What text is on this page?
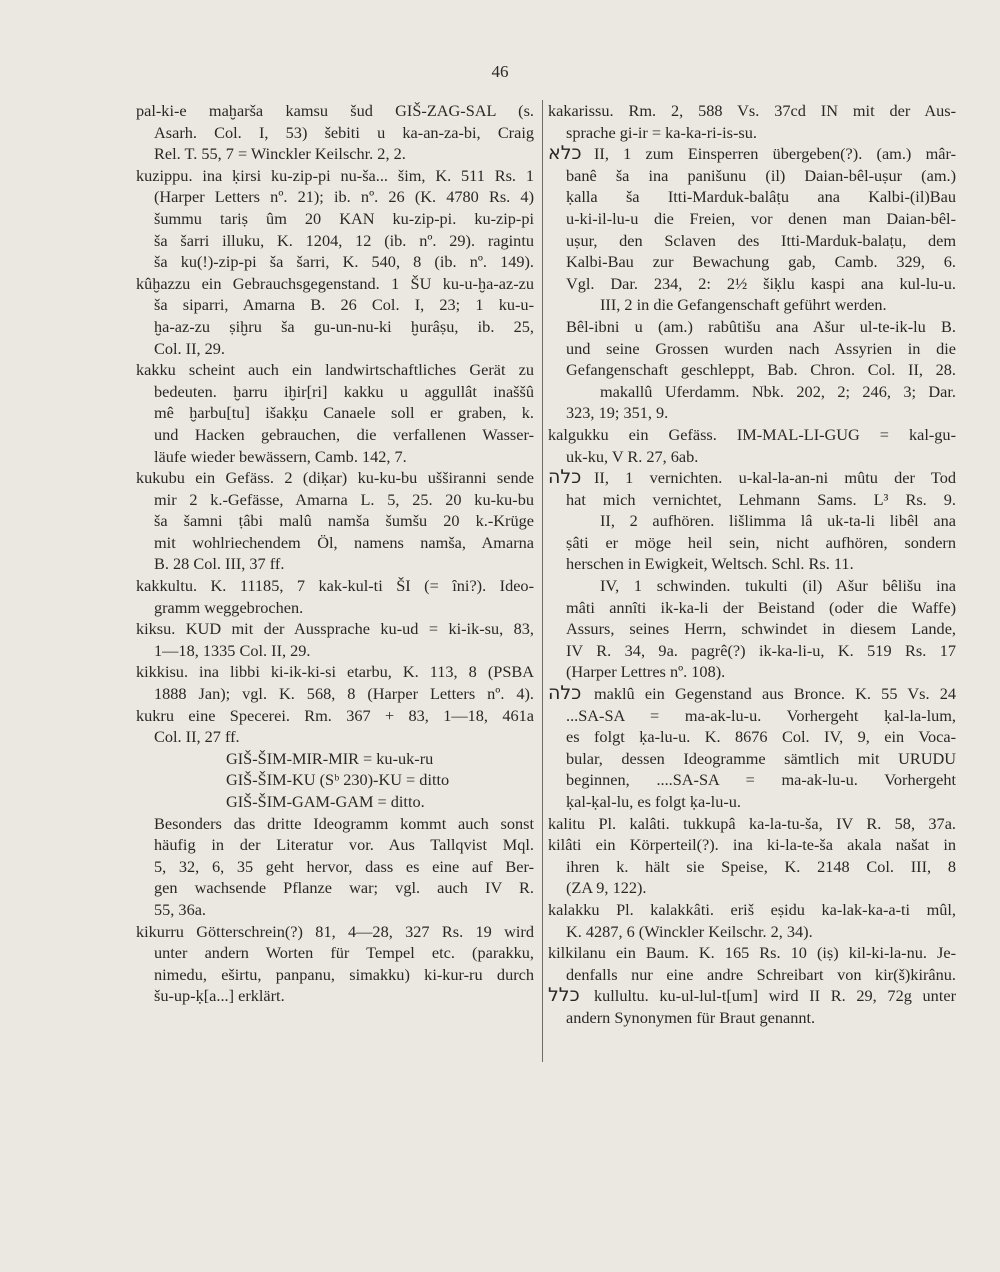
46
pal-ki-e maḫarša kamsu šud GIŠ-ZAG-SAL (s.
Asarh. Col. I, 53) šebiti u ka-an-za-bi, Craig
Rel. T. 55, 7 = Winckler Keilschr. 2, 2.
kuzippu. ina ḳirsi ku-zip-pi nu-ša... šim, K. 511 Rs. 1
(Harper Letters nº. 21); ib. nº. 26 (K. 4780 Rs. 4)
šummu tariṣ ûm 20 KAN ku-zip-pi. ku-zip-pi
ša šarri illuku, K. 1204, 12 (ib. nº. 29). ragintu
ša ku(!)-zip-pi ša šarri, K. 540, 8 (ib. nº. 149).
kûḫazzu ein Gebrauchsgegenstand. 1 ŠU ku-u-ḫa-az-zu
ša siparri, Amarna B. 26 Col. I, 23; 1 ku-u-
ḫa-az-zu ṣiḫru ša gu-un-nu-ki ḫurâṣu, ib. 25,
Col. II, 29.
kakku scheint auch ein landwirtschaftliches Gerät zu
bedeuten. ḫarru iḫir[ri] kakku u aggullât inaššû
mê ḫarbu[tu] išakḳu Canaele soll er graben, k.
und Hacken gebrauchen, die verfallenen Wasser-
läufe wieder bewässern, Camb. 142, 7.
kukubu ein Gefäss. 2 (diḳar) ku-ku-bu ušširanni sende
mir 2 k.-Gefässe, Amarna L. 5, 25. 20 ku-ku-bu
ša šamni ṭâbi malû namša šumšu 20 k.-Krüge
mit wohlriechendem Öl, namens namša, Amarna
B. 28 Col. III, 37 ff.
kakkultu. K. 11185, 7 kak-kul-ti ŠI (= îni?). Ideo-
gramm weggebrochen.
kiksu. KUD mit der Aussprache ku-ud = ki-ik-su, 83,
1—18, 1335 Col. II, 29.
kikkisu. ina libbi ki-ik-ki-si etarbu, K. 113, 8 (PSBA
1888 Jan); vgl. K. 568, 8 (Harper Letters nº. 4).
kukru eine Specerei. Rm. 367 + 83, 1—18, 461a
Col. II, 27 ff.
GIŠ-ŠIM-MIR-MIR = ku-uk-ru
GIŠ-ŠIM-KU (Sᵇ 230)-KU = ditto
GIŠ-ŠIM-GAM-GAM = ditto.
Besonders das dritte Ideogramm kommt auch sonst
häufig in der Literatur vor. Aus Tallqvist Mql.
5, 32, 6, 35 geht hervor, dass es eine auf Ber-
gen wachsende Pflanze war; vgl. auch IV R.
55, 36a.
kikurru Götterschrein(?) 81, 4—28, 327 Rs. 19 wird
unter andern Worten für Tempel etc. (parakku,
nimedu, eširtu, panpanu, simakku) ki-kur-ru durch
šu-up-ḳ[a...] erklärt.
kakarissu. Rm. 2, 588 Vs. 37cd IN mit der Aus-
sprache gi-ir = ka-ka-ri-is-su.
כלא II, 1 zum Einsperren übergeben(?). (am.) mâr-
banê ša ina panišunu (il) Daian-bêl-uṣur (am.)
ḳalla ša Itti-Marduk-balâṭu ana Kalbi-(il)Bau
u-ki-il-lu-u die Freien, vor denen man Daian-bêl-
uṣur, den Sclaven des Itti-Marduk-balaṭu, dem
Kalbi-Bau zur Bewachung gab, Camb. 329, 6.
Vgl. Dar. 234, 2: 2½ šiḳlu kaspi ana kul-lu-u.
III, 2 in die Gefangenschaft geführt werden.
Bêl-ibni u (am.) rabûtišu ana Ašur ul-te-ik-lu B.
und seine Grossen wurden nach Assyrien in die
Gefangenschaft geschleppt, Bab. Chron. Col. II, 28.
makallû Uferdamm. Nbk. 202, 2; 246, 3; Dar.
323, 19; 351, 9.
kalgukku ein Gefäss. IM-MAL-LI-GUG = kal-gu-
uk-ku, V R. 27, 6ab.
כלה II, 1 vernichten. u-kal-la-an-ni mûtu der Tod
hat mich vernichtet, Lehmann Sams. L³ Rs. 9.
II, 2 aufhören. lišlimma lâ uk-ta-li libêl ana
ṣâti er möge heil sein, nicht aufhören, sondern
herschen in Ewigkeit, Weltsch. Schl. Rs. 11.
IV, 1 schwinden. tukulti (il) Ašur bêlišu ina
mâti annîti ik-ka-li der Beistand (oder die Waffe)
Assurs, seines Herrn, schwindet in diesem Lande,
IV R. 34, 9a. pagrê(?) ik-ka-li-u, K. 519 Rs. 17
(Harper Lettres nº. 108).
כלה maklû ein Gegenstand aus Bronce. K. 55 Vs. 24
...SA-SA = ma-ak-lu-u. Vorhergeht ḳal-la-lum,
es folgt ḳa-lu-u. K. 8676 Col. IV, 9, ein Voca-
bular, dessen Ideogramme sämtlich mit URUDU
beginnen, ....SA-SA = ma-ak-lu-u. Vorhergeht
ḳal-ḳal-lu, es folgt ḳa-lu-u.
kalitu Pl. kalâti. tukkupâ ka-la-tu-ša, IV R. 58, 37a.
kilâti ein Körperteil(?). ina ki-la-te-ša akala našat in
ihren k. hält sie Speise, K. 2148 Col. III, 8
(ZA 9, 122).
kalakku Pl. kalakkâti. eriš eṣidu ka-lak-ka-a-ti mûl,
K. 4287, 6 (Winckler Keilschr. 2, 34).
kilkilanu ein Baum. K. 165 Rs. 10 (iṣ) kil-ki-la-nu. Je-
denfalls nur eine andre Schreibart von kir(š)kirânu.
כלל kullultu. ku-ul-lul-t[um] wird II R. 29, 72g unter
andern Synonymen für Braut genannt.
